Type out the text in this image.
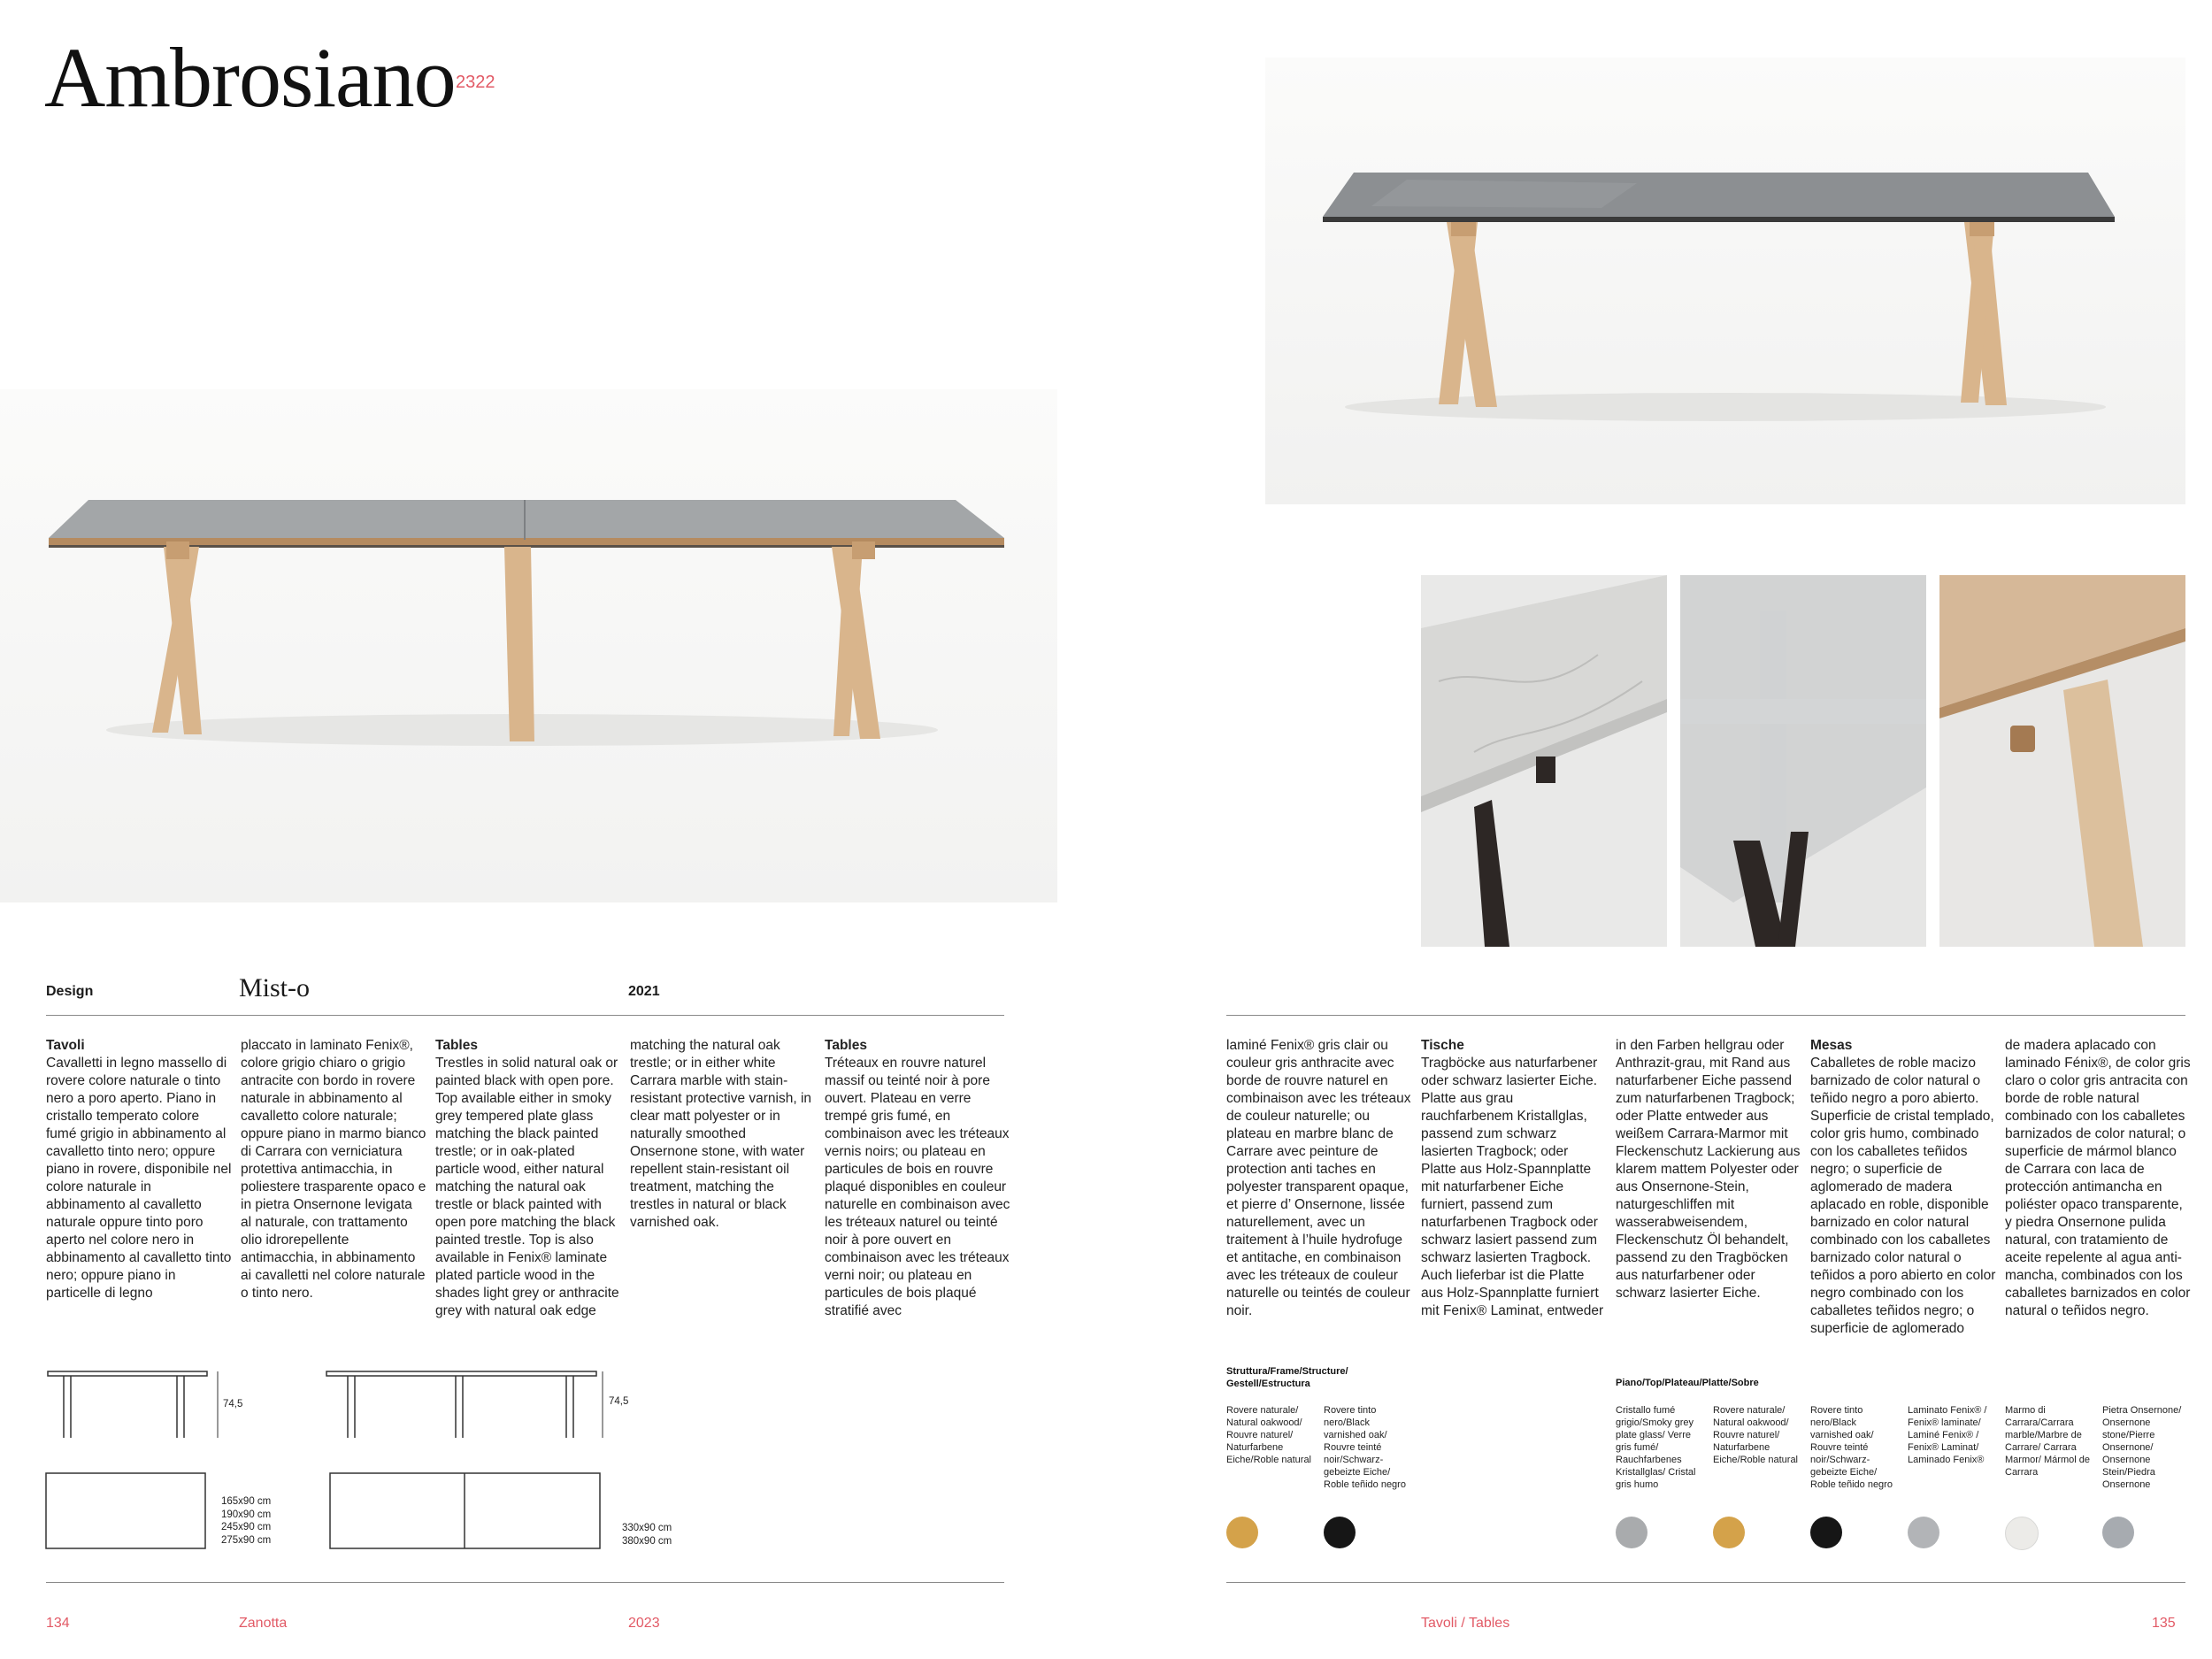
Ambrosiano 2322
Design	Mist-o	2021
Tavoli

Cavalletti in legno massello di rovere colore naturale o tinto nero a poro aperto. Piano in cristallo temperato colore fumé grigio in abbinamento al cavalletto tinto nero; oppure piano in rovere, disponibile nel colore naturale in abbinamento al cavalletto naturale oppure tinto poro aperto nel colore nero in abbinamento al cavalletto tinto nero; oppure piano in particelle di legno

placcato in laminato Fenix®, colore grigio chiaro o grigio antracite con bordo in rovere naturale in abbinamento al cavalletto colore naturale; oppure piano in marmo bianco di Carrara con verniciatura protettiva antimacchia, in poliestere trasparente opaco e in pietra Onsernone levigata al naturale, con trattamento olio idrorepellente antimacchia, in abbinamento ai cavalletti nel colore naturale o tinto nero.

Tables

Trestles in solid natural oak or painted black with open pore. Top available either in smoky grey tempered plate glass matching the black painted trestle; or in oak-plated particle wood, either natural matching the natural oak trestle or black painted with open pore matching the black painted trestle. Top is also available in Fenix® laminate plated particle wood in the shades light grey or anthracite grey with natural oak edge

matching the natural oak trestle; or in either white Carrara marble with stain-resistant protective varnish, in clear matt polyester or in naturally smoothed Onsernone stone, with water repellent stain-resistant oil treatment, matching the trestles in natural or black varnished oak.

Tables

Tréteaux en rouvre naturel massif ou teinté noir à pore ouvert. Plateau en verre trempé gris fumé, en combinaison avec les tréteaux vernis noirs; ou plateau en particules de bois en rouvre plaqué disponibles en couleur naturelle en combinaison avec les tréteaux naturel ou teinté noir à pore ouvert en combinaison avec les tréteaux verni noir; ou plateau en particules de bois plaqué stratifié avec

74,5	74,5
165x90 cm
190x90 cm
245x90 cm
275x90 cm
330x90 cm
380x90 cm
134	Zanotta	2023

laminé Fenix® gris clair ou couleur gris anthracite avec borde de rouvre naturel en combinaison avec les tréteaux de couleur naturelle; ou plateau en marbre blanc de Carrare avec peinture de protection anti taches en polyester transparent opaque, et pierre d’ Onsernone, lissée naturellement, avec un traitement à l’huile hydrofuge et antitache, en combinaison avec les tréteaux de couleur naturelle ou teintés de couleur noir.

Tische

Tragböcke aus naturfarbener oder schwarz lasierter Eiche. Platte aus grau rauchfarbenem Kristallglas, passend zum schwarz lasierten Tragbock; oder Platte aus Holz-Spannplatte mit naturfarbener Eiche furniert, passend zum naturfarbenen Tragbock oder schwarz lasiert passend zum schwarz lasierten Tragbock. Auch lieferbar ist die Platte aus Holz-Spannplatte furniert mit Fenix® Laminat, entweder

in den Farben hellgrau oder Anthrazit-grau, mit Rand aus naturfarbener Eiche passend zum naturfarbenen Tragbock; oder Platte entweder aus weißem Carrara-Marmor mit Fleckenschutz Lackierung aus klarem mattem Polyester oder aus Onsernone-Stein, naturgeschliffen mit wasserabweisendem, Fleckenschutz Öl behandelt, passend zu den Tragböcken aus naturfarbener oder schwarz lasierter Eiche.

Mesas

Caballetes de roble macizo barnizado de color natural o teñido negro a poro abierto. Superficie de cristal templado, color gris humo, combinado con los caballetes teñidos negro; o superficie de aglomerado de madera aplacado en roble, disponible barnizado en color natural combinado con los caballetes barnizado color natural o teñidos a poro abierto en color negro combinado con los caballetes teñidos negro; o superficie de aglomerado

de madera aplacado con laminado Fénix®, de color gris claro o color gris antracita con borde de roble natural combinado con los caballetes barnizados de color natural; o superficie de mármol blanco de Carrara con laca de protección antimancha en poliéster opaco transparente, y piedra Onsernone pulida natural, con tratamiento de aceite repelente al agua anti-mancha, combinados con los caballetes barnizados en color natural o teñidos negro.

Struttura/Frame/Structure/ Gestell/Estructura	Piano/Top/Plateau/Platte/Sobre
Rovere naturale/ Natural oakwood/ Rouvre naturel/ Naturfarbene Eiche/Roble natural
Rovere tinto nero/Black varnished oak/ Rouvre teinté noir/Schwarz-gebeizte Eiche/ Roble teñido negro
Cristallo fumé grigio/Smoky grey plate glass/ Verre gris fumé/ Rauchfarbenes Kristallglas/ Cristal gris humo
Rovere naturale/ Natural oakwood/ Rouvre naturel/ Naturfarbene Eiche/Roble natural
Rovere tinto nero/Black varnished oak/ Rouvre teinté noir/Schwarz-gebeizte Eiche/ Roble teñido negro
Laminato Fenix® / Fenix® laminate/ Laminé Fenix® / Fenix® Laminat/ Laminado Fenix®
Marmo di Carrara/Carrara marble/Marbre de Carrare/ Carrara Marmor/ Mármol de Carrara
Pietra Onsernone/ Onsernone stone/Pierre Onsernone/ Onsernone Stein/Piedra Onsernone
Tavoli / Tables	135
